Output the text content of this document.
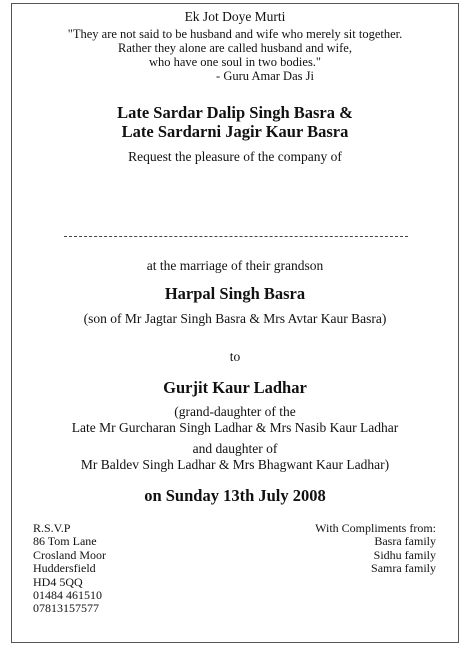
Ek Jot Doye Murti
"They are not said to be husband and wife who merely sit together.
Rather they alone are called husband and wife,
who have one soul in two bodies."
- Guru Amar Das Ji
Late Sardar Dalip Singh Basra &
Late Sardarni Jagir Kaur Basra
Request the pleasure of the company of
at the marriage of their grandson
Harpal Singh Basra
(son of Mr Jagtar Singh Basra & Mrs Avtar Kaur Basra)
to
Gurjit Kaur Ladhar
(grand-daughter of the
Late Mr Gurcharan Singh Ladhar & Mrs Nasib Kaur Ladhar
and daughter of
Mr Baldev Singh Ladhar & Mrs Bhagwant Kaur Ladhar)
on Sunday 13th July 2008
R.S.V.P
86 Tom Lane
Crosland Moor
Huddersfield
HD4 5QQ
01484 461510
07813157577
With Compliments from:
Basra family
Sidhu family
Samra family
